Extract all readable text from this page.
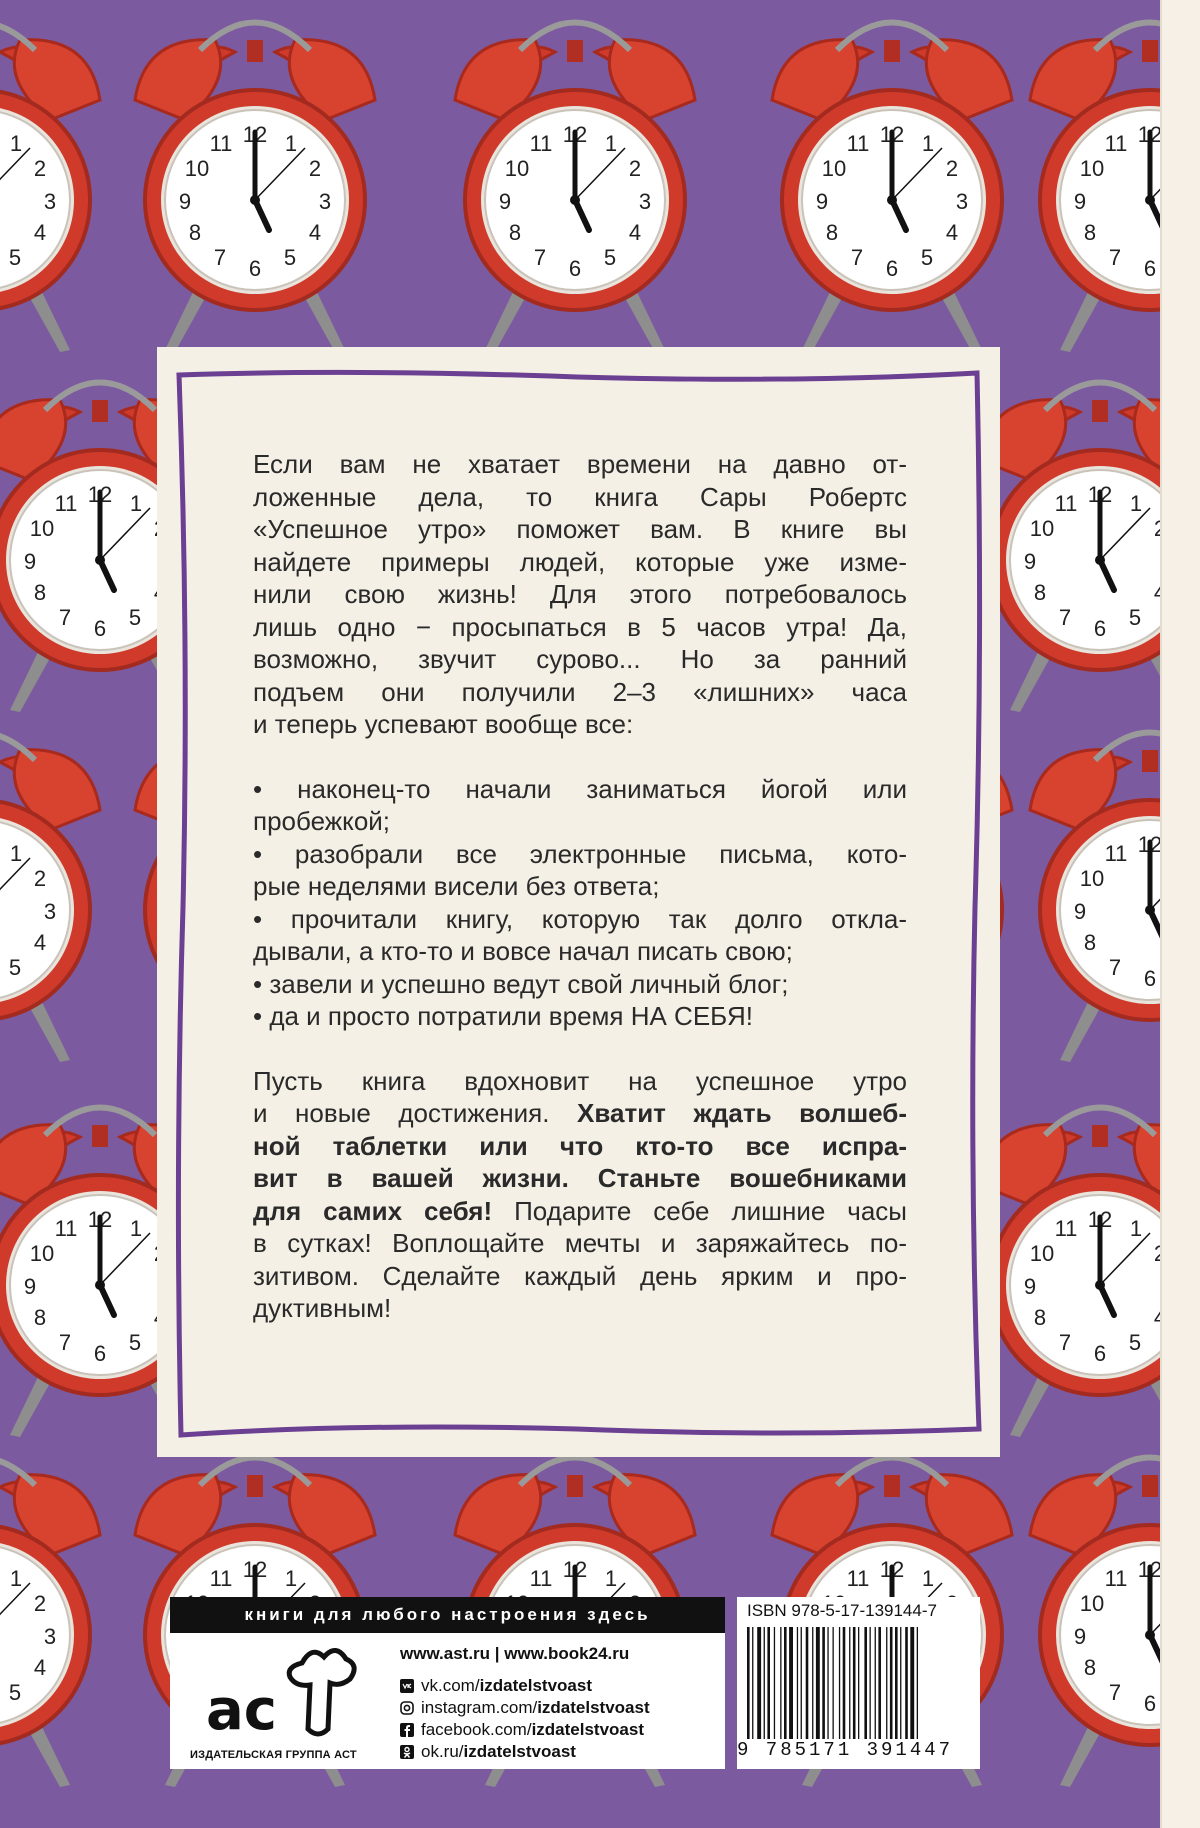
Если вам не хватает времени на давно от-

ложенные дела, то книга Сары Робертс

«Успешное утро» поможет вам. В книге вы

найдете примеры людей, которые уже изме-

нили свою жизнь! Для этого потребовалось

лишь одно − просыпаться в 5 часов утра! Да,

возможно, звучит сурово... Но за ранний

подъем они получили 2–3 «лишних» часа

и теперь успевают вообще все:

• наконец-то начали заниматься йогой или

пробежкой;

• разобрали все электронные письма, кото-

рые неделями висели без ответа;

• прочитали книгу, которую так долго откла-

дывали, а кто-то и вовсе начал писать свою;

• завели и успешно ведут свой личный блог;

• да и просто потратили время НА СЕБЯ!

Пусть книга вдохновит на успешное утро

и новые достижения. Хватит ждать волшеб-

ной таблетки или что кто-то все испра-

вит в вашей жизни. Станьте вошебниками

для самих себя! Подарите себе лишние часы

в сутках! Воплощайте мечты и заряжайтесь по-

зитивом. Сделайте каждый день ярким и про-

дуктивным!

книги для любого настроения здесь
ac
ИЗДАТЕЛЬСКАЯ ГРУППА АСТ
www.ast.ru | www.book24.ru
vk.com/ izdatelstvoast
instagram.com/ izdatelstvoast
facebook.com/ izdatelstvoast
ok.ru/ izdatelstvoast
ISBN 978-5-17-139144-7
9 785171 391447
